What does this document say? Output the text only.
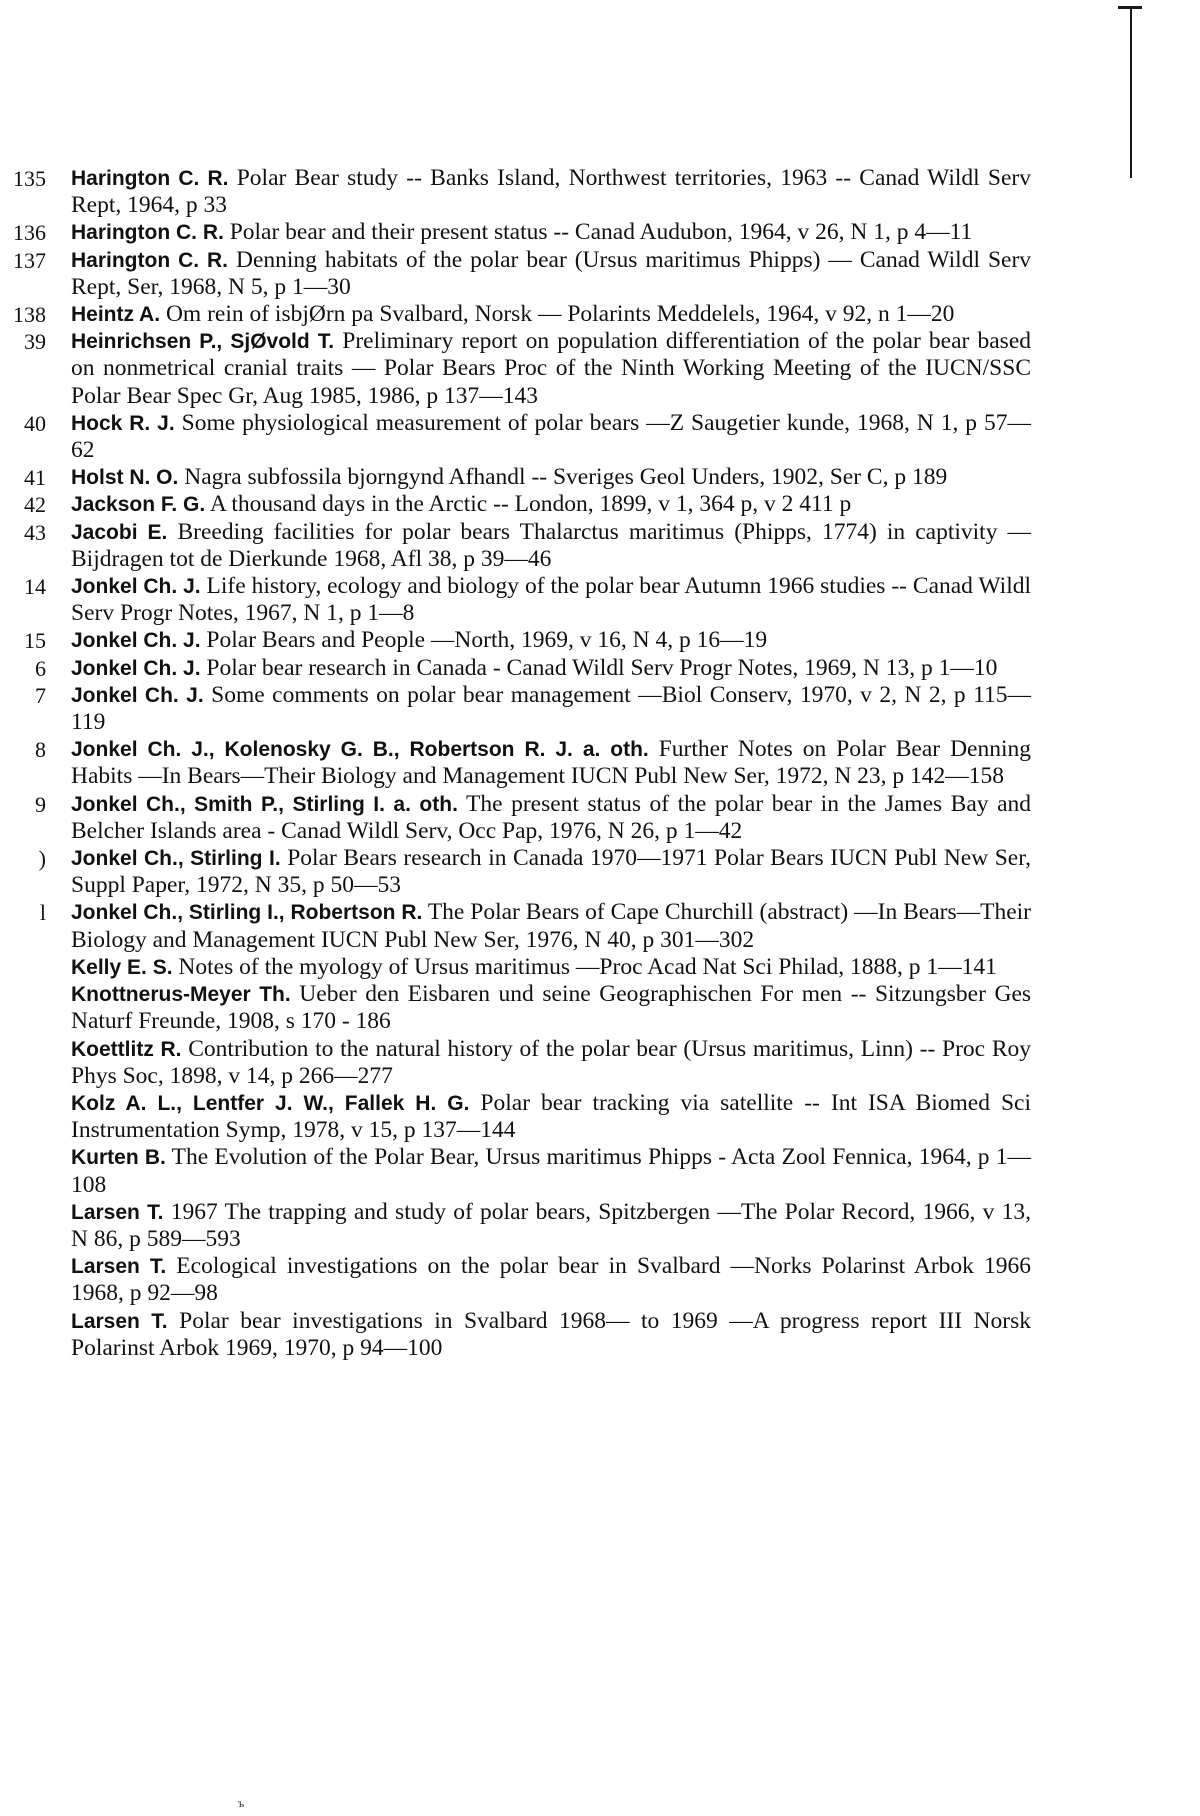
135 Harington C. R. Polar Bear study -- Banks Island, Northwest territories, 1963 -- Canad Wildl Serv Rept, 1964, p 33

136 Harington C. R. Polar bear and their present status -- Canad Audubon, 1964, v 26, N 1, p 4—11

137 Harington C. R. Denning habitats of the polar bear (Ursus maritimus Phipps) — Canad Wildl Serv Rept, Ser, 1968, N 5, p 1—30

138 Heintz A. Om rein of isbjØrn pa Svalbard, Norsk — Polarints Meddelels, 1964, v 92, n 1—20

39 Heinrichsen P., SjØvold T. Preliminary report on population differentiation of the polar bear based on nonmetrical cranial traits — Polar Bears Proc of the Ninth Working Meeting of the IUCN/SSC Polar Bear Spec Gr, Aug 1985, 1986, p 137—143

40 Hock R. J. Some physiological measurement of polar bears —Z Saugetier kunde, 1968, N 1, p 57—62

41 Holst N. O. Nagra subfossila bjorngynd Afhandl -- Sveriges Geol Unders, 1902, Ser C, p 189

42 Jackson F. G. A thousand days in the Arctic -- London, 1899, v 1, 364 p, v 2 411 p

43 Jacobi E. Breeding facilities for polar bears Thalarctus maritimus (Phipps, 1774) in captivity — Bijdragen tot de Dierkunde 1968, Afl 38, p 39—46

14 Jonkel Ch. J. Life history, ecology and biology of the polar bear Autumn 1966 studies -- Canad Wildl Serv Progr Notes, 1967, N 1, p 1—8

15 Jonkel Ch. J. Polar Bears and People —North, 1969, v 16, N 4, p 16—19

6 Jonkel Ch. J. Polar bear research in Canada - Canad Wildl Serv Progr Notes, 1969, N 13, p 1—10

7 Jonkel Ch. J. Some comments on polar bear management —Biol Conserv, 1970, v 2, N 2, p 115—119

8 Jonkel Ch. J., Kolenosky G. B., Robertson R. J. a. oth. Further Notes on Polar Bear Denning Habits —In Bears—Their Biology and Management IUCN Publ New Ser, 1972, N 23, p 142—158

9 Jonkel Ch., Smith P., Stirling I. a. oth. The present status of the polar bear in the James Bay and Belcher Islands area - Canad Wildl Serv, Occ Pap, 1976, N 26, p 1—42

) Jonkel Ch., Stirling I. Polar Bears research in Canada 1970—1971 Polar Bears IUCN Publ New Ser, Suppl Paper, 1972, N 35, p 50—53

l Jonkel Ch., Stirling I., Robertson R. The Polar Bears of Cape Churchill (abstract) —In Bears—Their Biology and Management IUCN Publ New Ser, 1976, N 40, p 301—302

Kelly E. S. Notes of the myology of Ursus maritimus —Proc Acad Nat Sci Philad, 1888, p 1—141

Knottnerus-Meyer Th. Ueber den Eisbaren und seine Geographischen For men -- Sitzungsber Ges Naturf Freunde, 1908, s 170 - 186

Koettlitz R. Contribution to the natural history of the polar bear (Ursus maritimus, Linn) -- Proc Roy Phys Soc, 1898, v 14, p 266—277

Kolz A. L., Lentfer J. W., Fallek H. G. Polar bear tracking via satellite -- Int ISA Biomed Sci Instrumentation Symp, 1978, v 15, p 137—144

Kurten B. The Evolution of the Polar Bear, Ursus maritimus Phipps - Acta Zool Fennica, 1964, p 1—108

Larsen T. 1967 The trapping and study of polar bears, Spitzbergen —The Polar Record, 1966, v 13, N 86, p 589—593

Larsen T. Ecological investigations on the polar bear in Svalbard —Norks Polarinst Arbok 1966 1968, p 92—98

Larsen T. Polar bear investigations in Svalbard 1968— to 1969 —A progress report III Norsk Polarinst Arbok 1969, 1970, p 94—100

ъ
